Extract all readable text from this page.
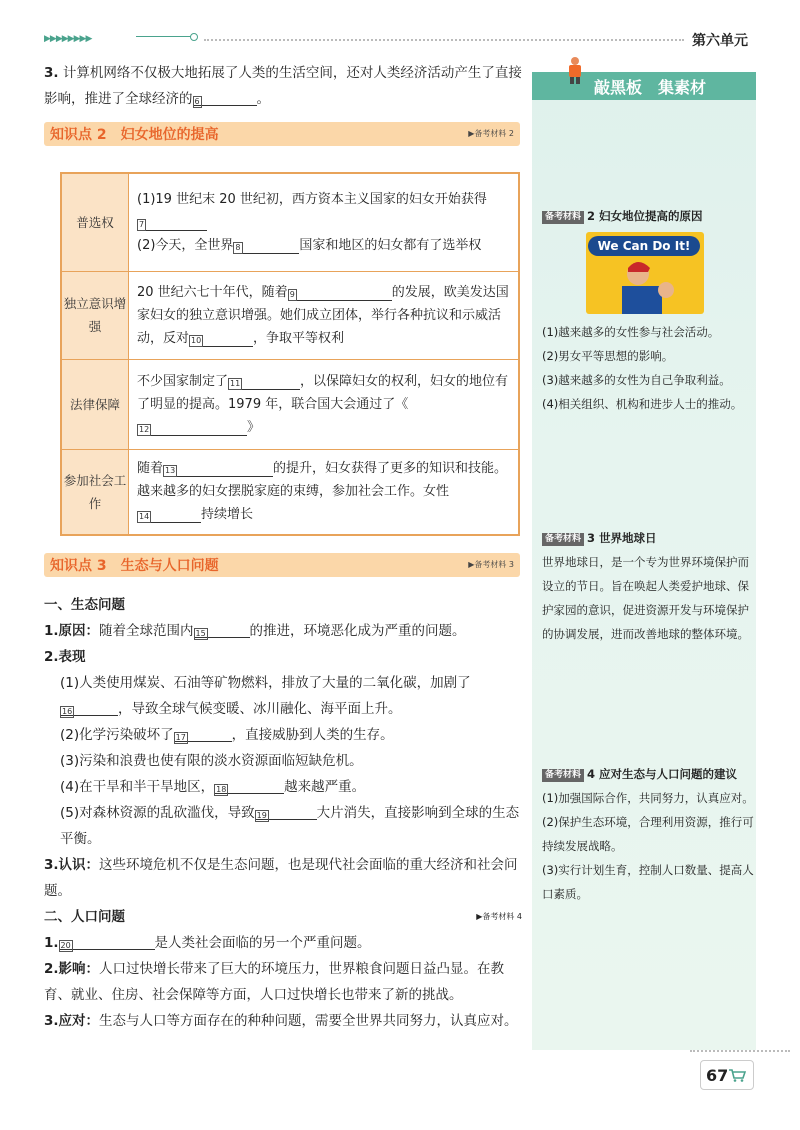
▶▶▶▶▶▶▶▶	第六单元
3. 计算机网络不仅极大地拓展了人类的生活空间，还对人类经济活动产生了直接影响，推进了全球经济的 6	。
知识点 2　妇女地位的提高	▶备考材料 2
普选权	(1)19 世纪末 20 世纪初，西方资本主义国家的妇女开始获得7
(2)今天，全世界 8 国家和地区的妇女都有了选举权
独立意识增强	20 世纪六七十年代，随着 9 的发展，欧美发达国家妇女的独立意识增强。她们成立团体，举行各种抗议和示威活动，反对 10 ，争取平等权利
法律保障	不少国家制定了 11 ，以保障妇女的权利，妇女的地位有了明显的提高。1979 年，联合国大会通过了《12 》
参加社会工作	随着 13 的提升，妇女获得了更多的知识和技能。越来越多的妇女摆脱家庭的束缚，参加社会工作。女性14 持续增长
知识点 3　生态与人口问题	▶备考材料 3
一、生态问题
1.原因：随着全球范围内 15	的推进，环境恶化成为严重的问题。
2.表现
(1)人类使用煤炭、石油等矿物燃料，排放了大量的二氧化碳，加剧了16	，导致全球气候变暖、冰川融化、海平面上升。
(2)化学污染破坏了 17	，直接威胁到人类的生存。
(3)污染和浪费也使有限的淡水资源面临短缺危机。
(4)在干旱和半干旱地区， 18	越来越严重。
(5)对森林资源的乱砍滥伐，导致 19	大片消失，直接影响到全球的生态平衡。
3.认识：这些环境危机不仅是生态问题，也是现代社会面临的重大经济和社会问题。
二、人口问题	▶备考材料 4
1. 20	是人类社会面临的另一个严重问题。
2.影响：人口过快增长带来了巨大的环境压力，世界粮食问题日益凸显。在教育、就业、住房、社会保障等方面，人口过快增长也带来了新的挑战。
3.应对：生态与人口等方面存在的种种问题，需要全世界共同努力，认真应对。
敲黑板　集素材

备考材料 2 妇女地位提高的原因

We Can Do It!

(1)越来越多的女性参与社会活动。

(2)男女平等思想的影响。

(3)越来越多的女性为自己争取利益。

(4)相关组织、机构和进步人士的推动。

备考材料 3 世界地球日

世界地球日，是一个专为世界环境保护而设立的节日。旨在唤起人类爱护地球、保护家园的意识，促进资源开发与环境保护的协调发展，进而改善地球的整体环境。

备考材料 4 应对生态与人口问题的建议

(1)加强国际合作，共同努力，认真应对。

(2)保护生态环境，合理利用资源，推行可持续发展战略。

(3)实行计划生育，控制人口数量、提高人口素质。

67
